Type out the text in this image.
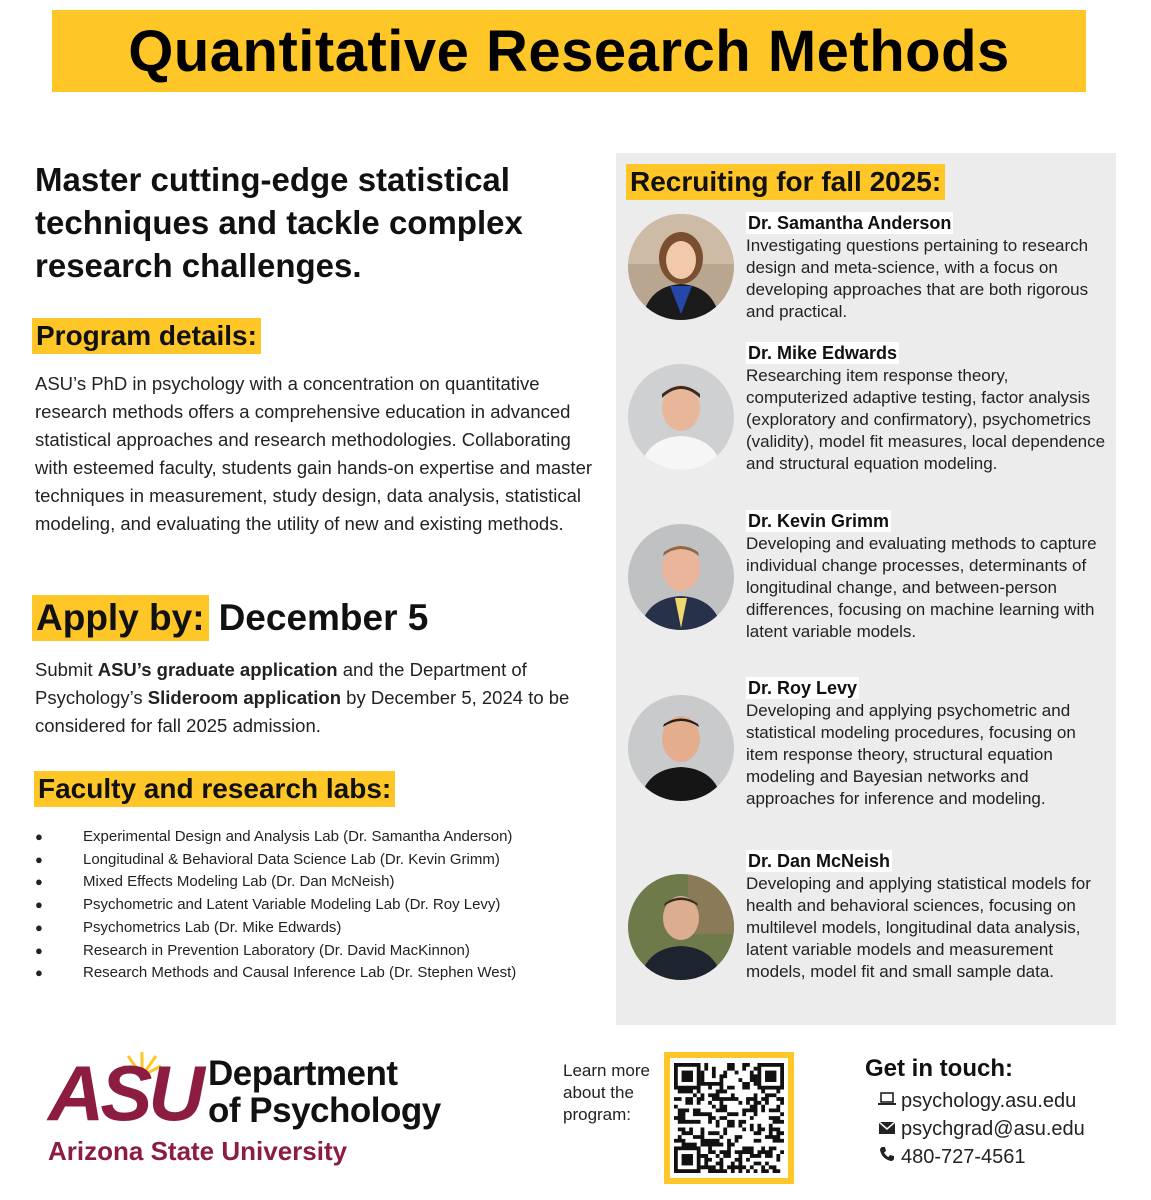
Quantitative Research Methods
Master cutting-edge statistical techniques and tackle complex research challenges.
Program details:
ASU’s PhD in psychology with a concentration on quantitative research methods offers a comprehensive education in advanced statistical approaches and research methodologies. Collaborating with esteemed faculty, students gain hands-on expertise and master techniques in measurement, study design, data analysis, statistical modeling, and evaluating the utility of new and existing methods.
Apply by: December 5
Submit ASU’s graduate application and the Department of Psychology’s Slideroom application by December 5, 2024 to be considered for fall 2025 admission.
Faculty and research labs:
●	Experimental Design and Analysis Lab (Dr. Samantha Anderson)
●	Longitudinal & Behavioral Data Science Lab (Dr. Kevin Grimm)
●	Mixed Effects Modeling Lab (Dr. Dan McNeish)
●	Psychometric and Latent Variable Modeling Lab (Dr. Roy Levy)
●	Psychometrics Lab (Dr. Mike Edwards)
●	Research in Prevention Laboratory (Dr. David MacKinnon)
●	Research Methods and Causal Inference Lab (Dr. Stephen West)
Recruiting for fall 2025:
Dr. Samantha Anderson
Investigating questions pertaining to research design and meta-science, with a focus on developing approaches that are both rigorous and practical.
Dr. Mike Edwards
Researching item response theory, computerized adaptive testing, factor analysis (exploratory and confirmatory), psychometrics (validity), model fit measures, local dependence and structural equation modeling.
Dr. Kevin Grimm
Developing and evaluating methods to capture individual change processes, determinants of longitudinal change, and between-person differences, focusing on machine learning with latent variable models.
Dr. Roy Levy
Developing and applying psychometric and statistical modeling procedures, focusing on item response theory, structural equation modeling and Bayesian networks and approaches for inference and modeling.
Dr. Dan McNeish
Developing and applying statistical models for health and behavioral sciences, focusing on multilevel models, longitudinal data analysis, latent variable models and measurement models, model fit and small sample data.
ASU Department
of Psychology
Arizona State University
Learn more about the program:
Get in touch:
psychology.asu.edu
psychgrad@asu.edu
480-727-4561
